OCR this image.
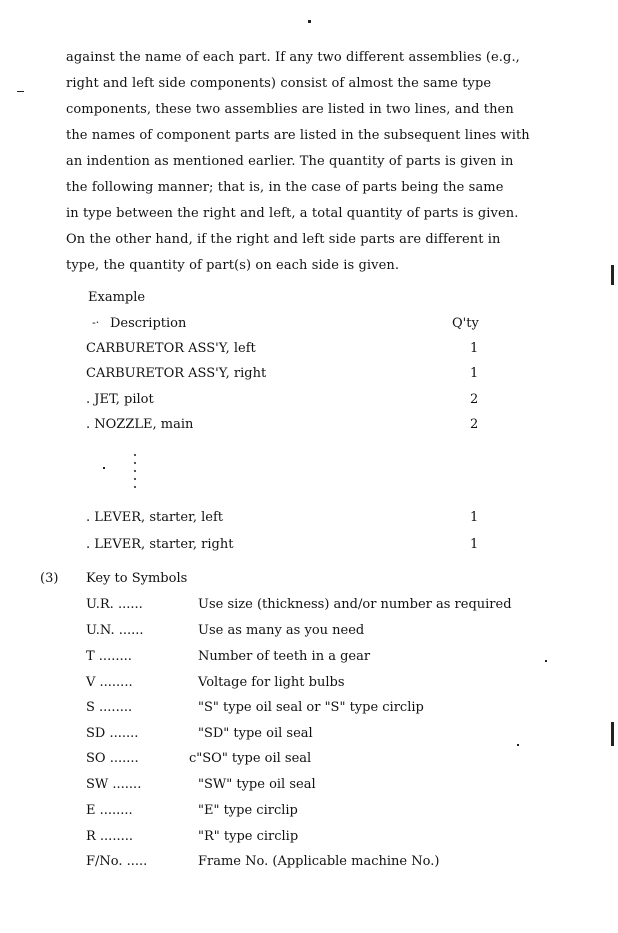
against the name of each part. If any two different assemblies (e.g.,
right and left side components) consist of almost the same type
components, these two assemblies are listed in two lines, and then
the names of component parts are listed in the subsequent lines with
an indention as mentioned earlier. The quantity of parts is given in
the following manner; that is, in the case of parts being the same
in type between the right and left, a total quantity of parts is given.
On the other hand, if the right and left side parts are different in
type, the quantity of part(s) on each side is given.
Example
-· Description	Q'ty
CARBURETOR ASS'Y, left	1
CARBURETOR ASS'Y, right	1
. JET, pilot	2
. NOZZLE, main	2
. LEVER, starter, left	1
. LEVER, starter, right	1
(3) Key to Symbols
U.R. ......	Use size (thickness) and/or number as required
U.N. ......	Use as many as you need
T ........	Number of teeth in a gear
V ........	Voltage for light bulbs
S ........	"S" type oil seal or "S" type circlip
SD .......	"SD" type oil seal
SO .......	c"SO" type oil seal
SW .......	"SW" type oil seal
E ........	"E" type circlip
R ........	"R" type circlip
F/No. .....	Frame No. (Applicable machine No.)
